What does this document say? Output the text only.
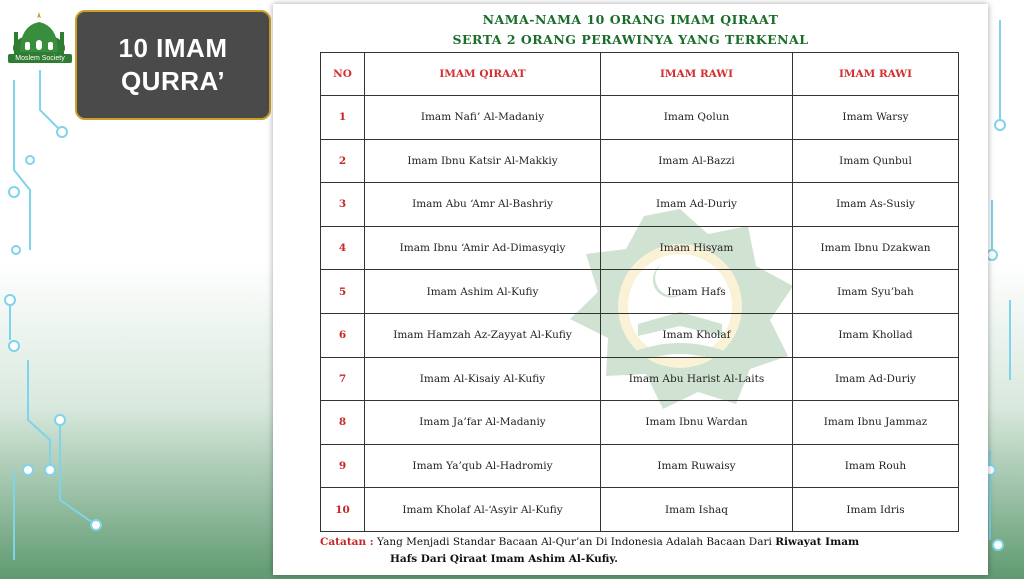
Moslem Society 10 IMAM
QURRA’
NAMA-NAMA 10 ORANG IMAM QIRAAT
SERTA 2 ORANG PERAWINYA YANG TERKENAL
NO	IMAM QIRAAT	IMAM RAWI	IMAM RAWI
1	Imam Nafi’ Al-Madaniy	Imam Qolun	Imam Warsy
2	Imam Ibnu Katsir Al-Makkiy	Imam Al-Bazzi	Imam Qunbul
3	Imam Abu ‘Amr Al-Bashriy	Imam Ad-Duriy	Imam As-Susiy
4	Imam Ibnu ‘Amir Ad-Dimasyqiy	Imam Hisyam	Imam Ibnu Dzakwan
5	Imam Ashim Al-Kufiy	Imam Hafs	Imam Syu’bah
6	Imam Hamzah Az-Zayyat Al-Kufiy	Imam Kholaf	Imam Khollad
7	Imam Al-Kisaiy Al-Kufiy	Imam Abu Harist Al-Laits	Imam Ad-Duriy
8	Imam Ja’far Al-Madaniy	Imam Ibnu Wardan	Imam Ibnu Jammaz
9	Imam Ya’qub Al-Hadromiy	Imam Ruwaisy	Imam Rouh
10	Imam Kholaf Al-‘Asyir Al-Kufiy	Imam Ishaq	Imam Idris
Catatan : Yang Menjadi Standar Bacaan Al-Qur’an Di Indonesia Adalah Bacaan Dari Riwayat Imam
Hafs Dari Qiraat Imam Ashim Al-Kufiy.
